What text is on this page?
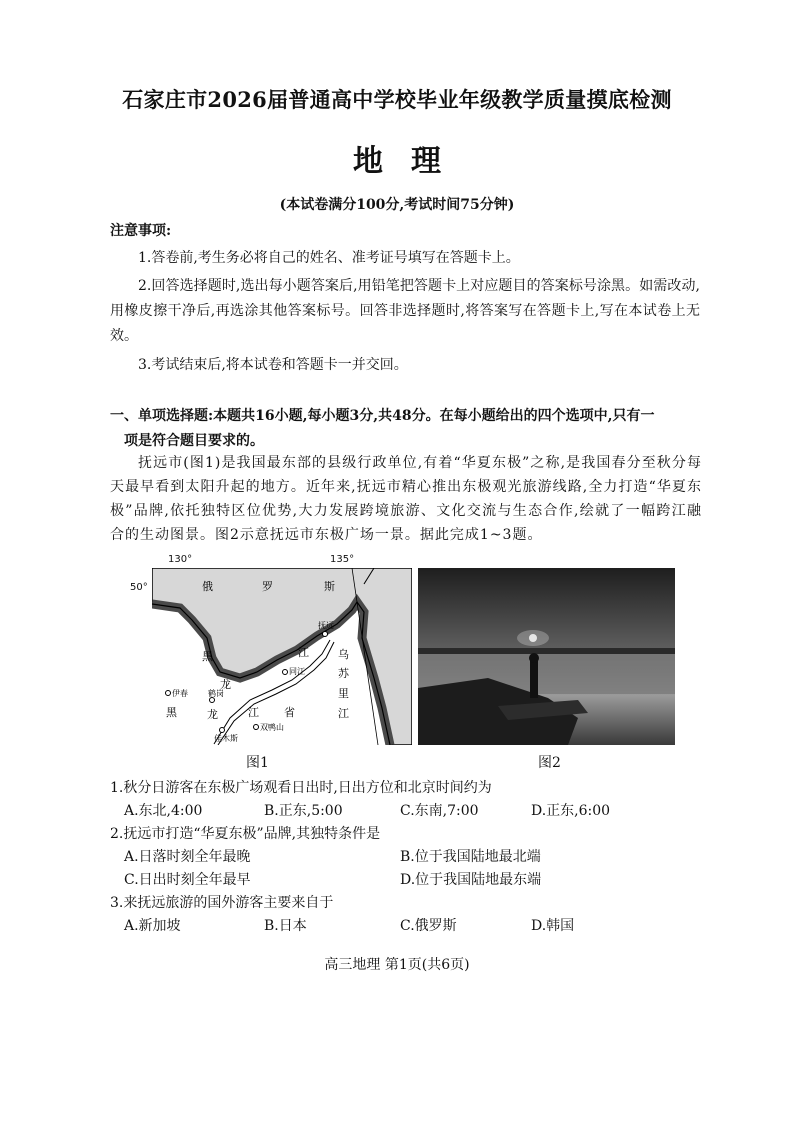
石家庄市2026届普通高中学校毕业年级教学质量摸底检测
地理
(本试卷满分100分,考试时间75分钟)
注意事项:
1.答卷前,考生务必将自己的姓名、准考证号填写在答题卡上。
2.回答选择题时,选出每小题答案后,用铅笔把答题卡上对应题目的答案标号涂黑。如需改动,用橡皮擦干净后,再选涂其他答案标号。回答非选择题时,将答案写在答题卡上,写在本试卷上无效。
3.考试结束后,将本试卷和答题卡一并交回。
一、单项选择题:本题共16小题,每小题3分,共48分。在每小题给出的四个选项中,只有一
项是符合题目要求的。
抚远市(图1)是我国最东部的县级行政单位,有着“华夏东极”之称,是我国春分至秋分每天最早看到太阳升起的地方。近年来,抚远市精心推出东极观光旅游线路,全力打造“华夏东极”品牌,依托独特区位优势,大力发展跨境旅游、文化交流与生态合作,绘就了一幅跨江融合的生动图景。图2示意抚远市东极广场一景。据此完成1~3题。
俄	罗	斯
黑
龙
江	乌
苏
里
江
黑	龙	江 省
抚远
同江
伊春	鹤岗
佳木斯
双鸭山
130°	135°
50°
图1	图2
1.秋分日游客在东极广场观看日出时,日出方位和北京时间约为
A.东北,4:00	B.正东,5:00	C.东南,7:00	D.正东,6:00
2.抚远市打造“华夏东极”品牌,其独特条件是
A.日落时刻全年最晚	B.位于我国陆地最北端
C.日出时刻全年最早	D.位于我国陆地最东端
3.来抚远旅游的国外游客主要来自于
A.新加坡	B.日本	C.俄罗斯	D.韩国
高三地理 第1页(共6页)
